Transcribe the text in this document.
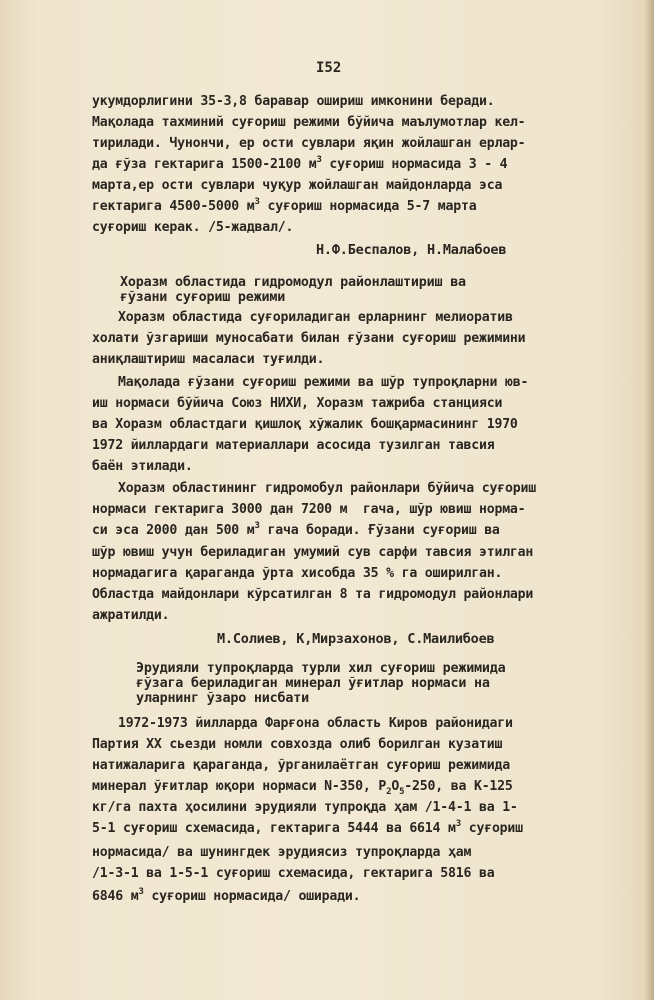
I52
укумдорлигини 35-3,8 баравар ошириш имконини беради.
Мақолада тахминий суғориш режими бўйича маълумотлар кел-
тирилади. Чунончи, ер ости сувлари яқин жойлашган ерлар-
да ғўза гектарига 1500-2100 $м^3$ суғориш нормасида 3 - 4
марта,ер ости сувлари чуқур жойлашган майдонларда эса
гектарига 4500-5000 $м^3$ суғориш нормасида 5-7 марта
суғориш керак. /5-жадвал/.
Н.Ф.Беспалов, Н.Малабоев
Хоразм областида гидромодул районлаштириш ва
ғўзани суғориш режими
Хоразм областида суғориладиган ерларнинг мелиоратив
холати ўзгариши муносабати билан ғўзани суғориш режимини
аниқлаштириш масаласи туғилди.
Мақолада ғўзани суғориш режими ва шўр тупроқларни юв-
иш нормаси бўйича Союз НИХИ, Хоразм тажриба станцияси
ва Хоразм областдаги қишлоқ хўжалик бошқармасининг 1970
1972 йиллардаги материаллари асосида тузилган тавсия
баён этилади.
Хоразм областининг гидромобул районлари бўйича суғориш
нормаси гектарига 3000 дан 7200 м  гача, шўр ювиш норма-
си эса 2000 дан 500 $м^3$ гача боради. Ғўзани суғориш ва
шўр ювиш учун бериладиган умумий сув сарфи тавсия этилган
нормадагига қараганда ўрта хисобда 35 % га оширилган.
Областда майдонлари кўрсатилган 8 та гидромодул районлари
ажратилди.
М.Солиев, К,Мирзахонов, С.Маилибоев
Эрудияли тупроқларда турли хил суғориш режимида
ғўзага бериладиган минерал ўғитлар нормаси на
уларнинг ўзаро нисбати
1972-1973 йилларда Фарғона область Киров районидаги
Партия XX сьезди номли совхозда олиб борилган кузатиш
натижаларига қараганда, ўрганилаётган суғориш режимида
минерал ўғитлар юқори нормаси N-350, $P_2O_5-250$, ва К-125
кг/га пахта ҳосилини эрудияли тупроқда ҳам /1-4-1 ва 1-
5-1 суғориш схемасида, гектарига 5444 ва 6614 $м^3$ суғориш
нормасида/ ва шунингдек эрудиясиз тупроқларда ҳам
/1-3-1 ва 1-5-1 суғориш схемасида, гектарига 5816 ва
6846 $м^3$ суғориш нормасида/ оширади.
